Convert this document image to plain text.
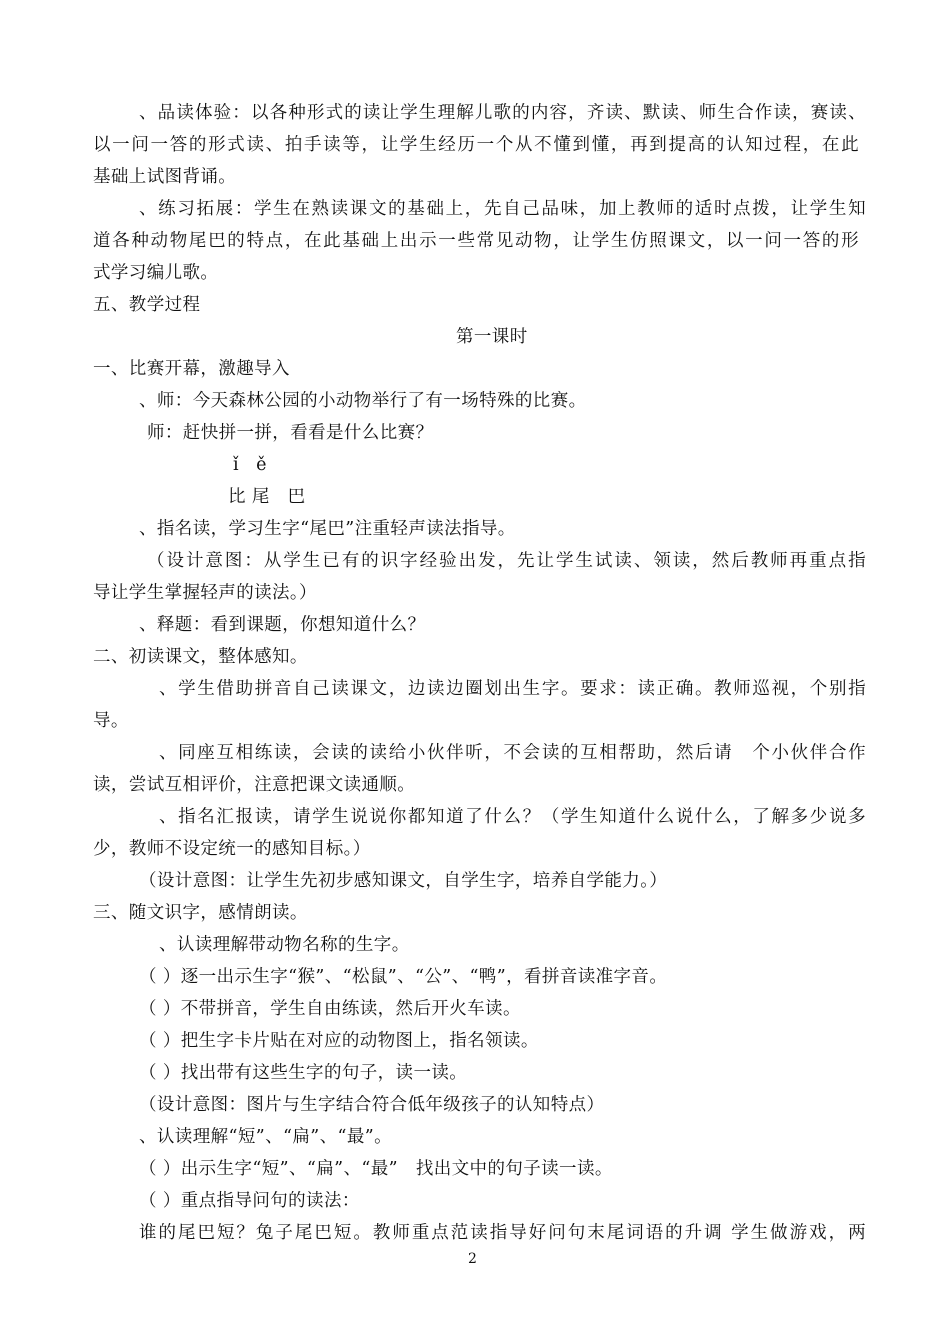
、品读体验：以各种形式的读让学生理解儿歌的内容，齐读、默读、师生合作读，赛读、
以一问一答的形式读、拍手读等，让学生经历一个从不懂到懂，再到提高的认知过程，在此
基础上试图背诵。
、练习拓展：学生在熟读课文的基础上，先自己品味，加上教师的适时点拨，让学生知
道各种动物尾巴的特点，在此基础上出示一些常见动物，让学生仿照课文，以一问一答的形
式学习编儿歌。
五、教学过程
第一课时
一、比赛开幕，激趣导入
、师：今天森林公园的小动物举行了有一场特殊的比赛。
师：赶快拼一拼，看看是什么比赛？
ǐ ě
比 尾　巴
、指名读，学习生字“尾巴”注重轻声读法指导。
（设计意图：从学生已有的识字经验出发，先让学生试读、领读，然后教师再重点指
导让学生掌握轻声的读法。）
、释题：看到课题，你想知道什么？
二、初读课文，整体感知。
、学生借助拼音自己读课文，边读边圈划出生字。要求：读正确。教师巡视，个别指
导。
、同座互相练读，会读的读给小伙伴听，不会读的互相帮助，然后请　个小伙伴合作
读，尝试互相评价，注意把课文读通顺。
、指名汇报读，请学生说说你都知道了什么？（学生知道什么说什么，了解多少说多
少，教师不设定统一的感知目标。）
（设计意图：让学生先初步感知课文，自学生字，培养自学能力。）
三、随文识字，感情朗读。
、认读理解带动物名称的生字。
（ ）逐一出示生字“猴”、“松鼠”、“公”、“鸭”，看拼音读准字音。
（ ）不带拼音，学生自由练读，然后开火车读。
（ ）把生字卡片贴在对应的动物图上，指名领读。
（ ）找出带有这些生字的句子，读一读。
（设计意图：图片与生字结合符合低年级孩子的认知特点）
、认读理解“短”、“扁”、“最”。
（ ）出示生字“短”、“扁”、“最”　找出文中的句子读一读。
（ ）重点指导问句的读法：
谁的尾巴短？兔子尾巴短。教师重点范读指导好问句末尾词语的升调 学生做游戏，两
2
